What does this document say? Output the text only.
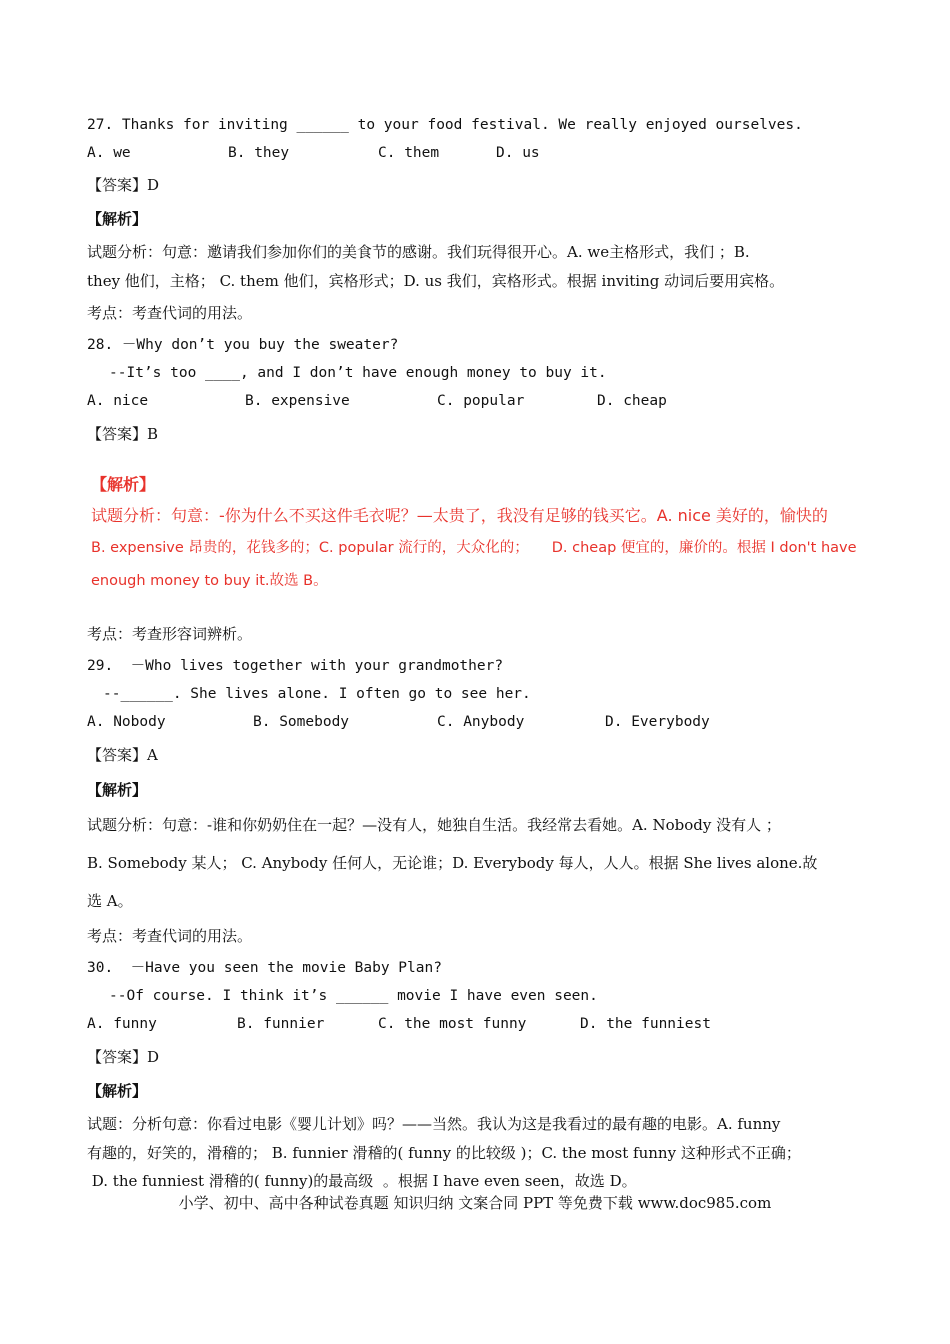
27. Thanks for inviting ______ to your food festival. We really enjoyed ourselves.
A. we	B. they	C. them	D. us
【答案】D
【解析】
试题分析：句意：邀请我们参加你们的美食节的感谢。我们玩得很开心。A. we主格形式，我们 ；B.
they 他们，主格； C. them 他们，宾格形式；D. us 我们，宾格形式。根据 inviting 动词后要用宾格。
考点：考查代词的用法。
28. －Why don’t you buy the sweater?
--It’s too ____, and I don’t have enough money to buy it.
A. nice	B. expensive	C. popular	D. cheap
【答案】B
【解析】
试题分析：句意：-你为什么不买这件毛衣呢？—太贵了，我没有足够的钱买它。A. nice 美好的，愉快的
B. expensive 昂贵的，花钱多的；C. popular 流行的，大众化的；     D. cheap 便宜的，廉价的。根据 I don't have
enough money to buy it.故选 B。
考点：考查形容词辨析。
29.  －Who lives together with your grandmother?
--______. She lives alone. I often go to see her.
A. Nobody	B. Somebody	C. Anybody	D. Everybody
【答案】A
【解析】
试题分析：句意：-谁和你奶奶住在一起？—没有人，她独自生活。我经常去看她。A. Nobody 没有人 ；
B. Somebody 某人； C. Anybody 任何人，无论谁；D. Everybody 每人，人人。根据 She lives alone.故
选 A。
考点：考查代词的用法。
30.  －Have you seen the movie Baby Plan?
--Of course. I think it’s ______ movie I have even seen.
A. funny	B. funnier	C. the most funny	D. the funniest
【答案】D
【解析】
试题：分析句意：你看过电影《婴儿计划》吗？——当然。我认为这是我看过的最有趣的电影。A. funny
有趣的，好笑的，滑稽的； B. funnier 滑稽的( funny 的比较级 )；C. the most funny 这种形式不正确；
D. the funniest 滑稽的( funny)的最高级  。根据 I have even seen，故选 D。
小学、初中、高中各种试卷真题 知识归纳 文案合同 PPT 等免费下载 www.doc985.com
